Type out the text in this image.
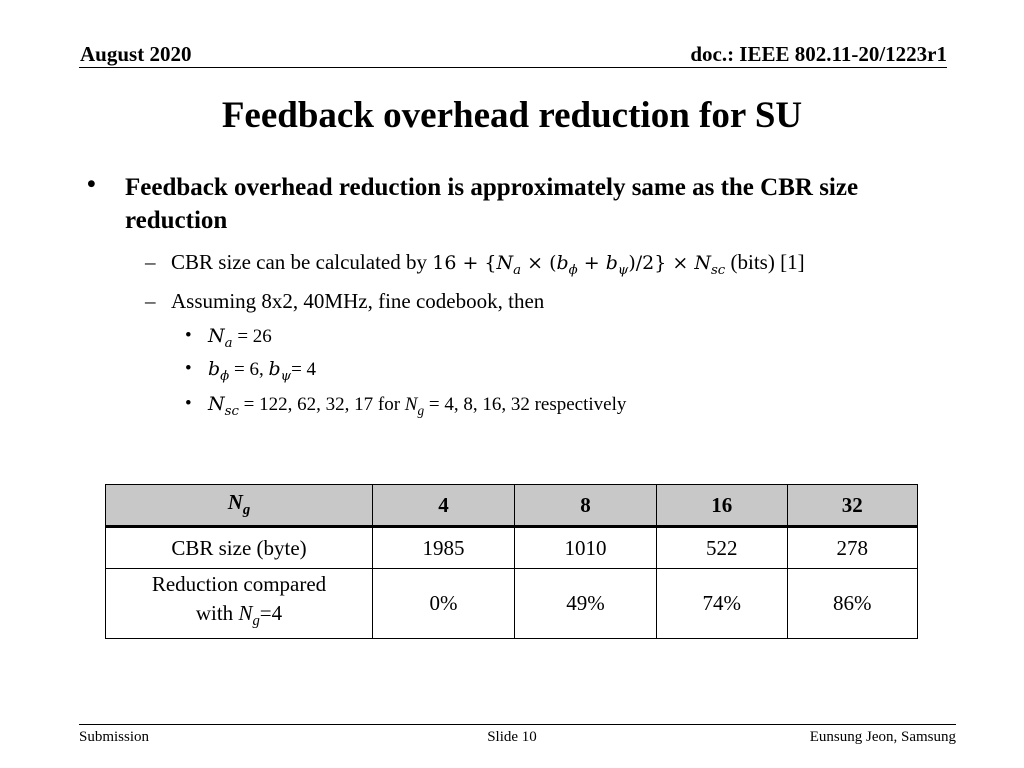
August 2020	doc.: IEEE 802.11-20/1223r1
Feedback overhead reduction for SU
• Feedback overhead reduction is approximately same as the CBR size reduction
– CBR size can be calculated by $16 + \{N_a \times (b_\phi + b_\psi)/2\} \times N_{sc}$ (bits) [1]
– Assuming 8x2, 40MHz, fine codebook, then
• $N_a = 26$
• $b_\phi = 6$, $b_\psi= 4$
• $N_{sc} = 122$, 62, 32, 17 for $N_g = 4$, 8, 16, 32 respectively
$N_g$	4	8	16	32
CBR size (byte)	1985	1010	522	278
Reduction compared
with $N_g=4$	0%	49%	74%	86%
Submission	Slide 10	Eunsung Jeon, Samsung
